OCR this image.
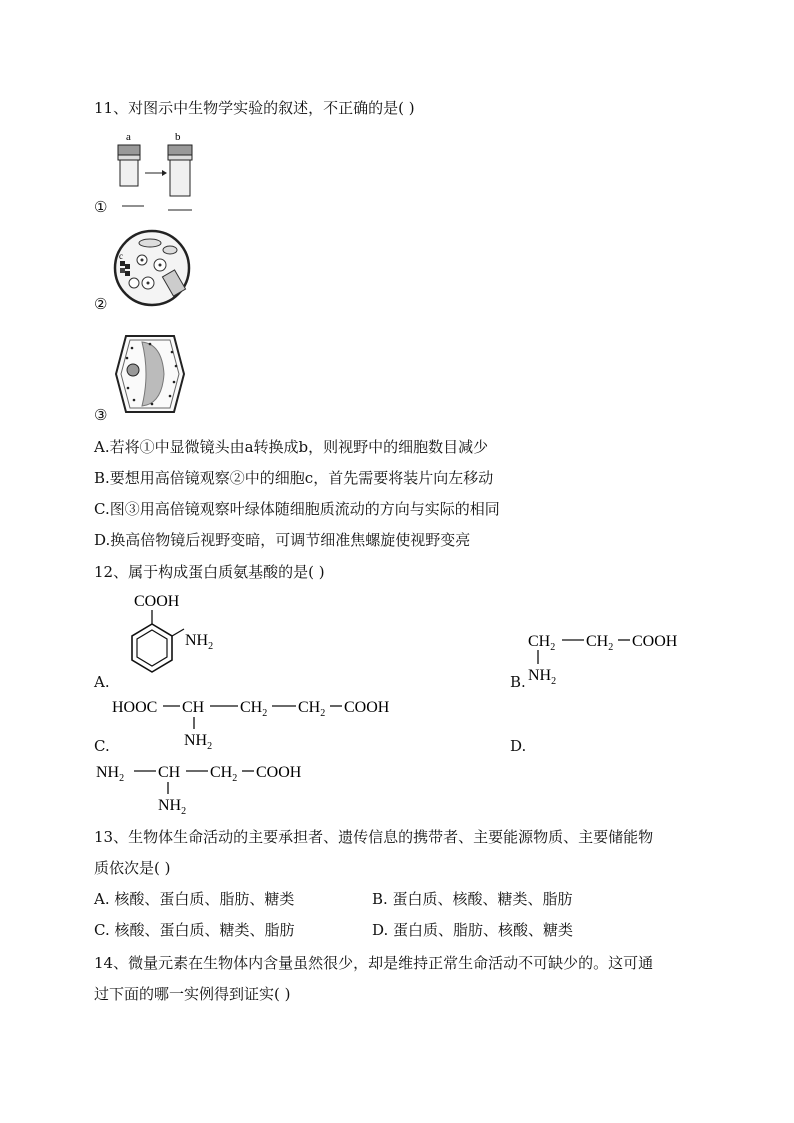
11、对图示中生物学实验的叙述，不正确的是( )
a	b
①
c
②
③
A.若将①中显微镜头由a转换成b，则视野中的细胞数目减少
B.要想用高倍镜观察②中的细胞c，首先需要将装片向左移动
C.图③用高倍镜观察叶绿体随细胞质流动的方向与实际的相同
D.换高倍物镜后视野变暗，可调节细准焦螺旋使视野变亮
12、属于构成蛋白质氨基酸的是( )
COOH
$NH_2$
A.
$CH_2$ $CH_2$ COOH
$NH_2$
B.
HOOC CH $CH_2$ $CH_2$ COOH
$NH_2$
C.	D.
$NH_2$ CH $CH_2$ COOH
$NH_2$
13、生物体生命活动的主要承担者、遗传信息的携带者、主要能源物质、主要储能物
质依次是( )
A. 核酸、蛋白质、脂肪、糖类	B. 蛋白质、核酸、糖类、脂肪
C. 核酸、蛋白质、糖类、脂肪	D. 蛋白质、脂肪、核酸、糖类
14、微量元素在生物体内含量虽然很少，却是维持正常生命活动不可缺少的。这可通
过下面的哪一实例得到证实( )
